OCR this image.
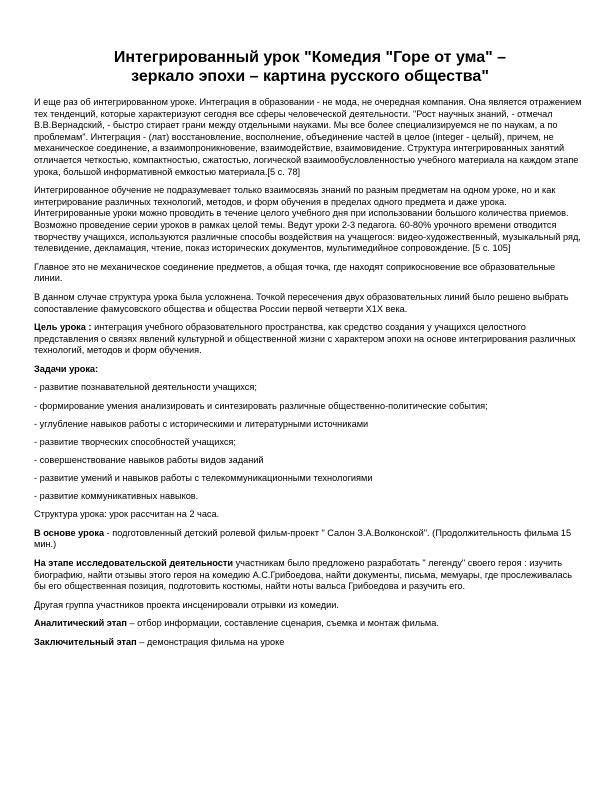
Интегрированный урок "Комедия "Горе от ума" –
зеркало эпохи – картина русского общества"

И еще раз об интегрированном уроке. Интеграция в образовании - не мода, не очередная компания. Она является отражением тех тенденций, которые характеризуют сегодня все сферы человеческой деятельности. "Рост научных знаний, - отмечал В.В.Вернадский, - быстро стирает грани между отдельными науками. Мы все более специализируемся не по наукам, а по проблемам". Интеграция - (лат) восстановление, восполнение, объединение частей в целое (integer - целый), причем, не механическое соединение, а взаимопроникновение, взаимодействие, взаимовидение. Структура интегрированных занятий отличается четкостью, компактностью, сжатостью, логической взаимообусловленностью учебного материала на каждом этапе урока, большой информативной емкостью материала.[5 с. 78]

Интегрированное обучение не подразумевает только взаимосвязь знаний по разным предметам на одном уроке, но и как интегрирование различных технологий, методов, и форм обучения в пределах одного предмета и даже урока. Интегрированные уроки можно проводить в течение целого учебного дня при использовании большого количества приемов. Возможно проведение серии уроков в рамках целой темы. Ведут уроки 2-3 педагога. 60-80% урочного времени отводится творчеству учащихся, используются различные способы воздействия на учащегося: видео-художественный, музыкальный ряд, телевидение, декламация, чтение, показ исторических документов, мультимедийное сопровождение. [5 с. 105]

Главное это не механическое соединение предметов, а общая точка, где находят соприкосновение все образовательные линии.

В данном случае структура урока была усложнена. Точкой пересечения двух образовательных линий было решено выбрать сопоставление фамусовского общества и общества России первой четверти Х1Х века.

Цель урока : интеграция учебного образовательного пространства, как средство создания у учащихся целостного представления о связях явлений культурной и общественной жизни с характером эпохи на основе интегрирования различных технологий, методов и форм обучения.

Задачи урока:

- развитие познавательной деятельности учащихся;

- формирование умения анализировать и синтезировать различные общественно-политические события;

- углубление навыков работы с историческими и литературными источниками

- развитие творческих способностей учащихся;

- совершенствование навыков работы видов заданий

- развитие умений и навыков работы с телекоммуникационными технологиями

- развитие коммуникативных навыков.

Структура урока: урок рассчитан на 2 часа.

В основе урока - подготовленный детский ролевой фильм-проект " Салон З.А.Волконской". (Продолжительность фильма 15 мин.)

На этапе исследовательской деятельности участникам было предложено разработать " легенду" своего героя : изучить биографию, найти отзывы этого героя на комедию А.С.Грибоедова, найти документы, письма, мемуары, где прослеживалась бы его общественная позиция, подготовить костюмы, найти ноты вальса Грибоедова и разучить его.

Другая группа участников проекта инсценировали отрывки из комедии.

Аналитический этап – отбор информации, составление сценария, съемка и монтаж фильма.

Заключительный этап – демонстрация фильма на уроке
